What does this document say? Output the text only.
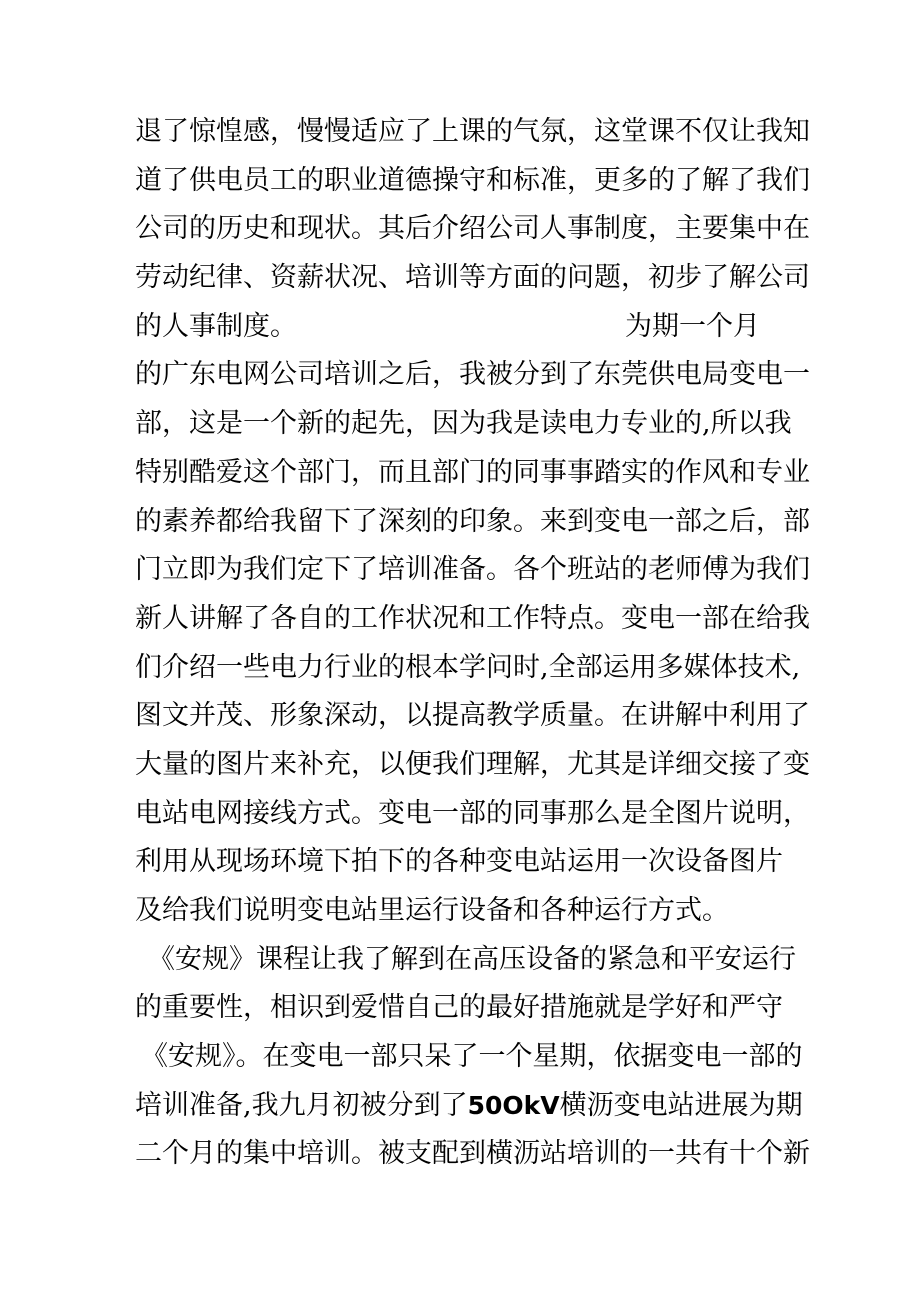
退了惊惶感，慢慢适应了上课的气氛，这堂课不仅让我知
道了供电员工的职业道德操守和标准，更多的了解了我们
公司的历史和现状。其后介绍公司人事制度，主要集中在
劳动纪律、资薪状况、培训等方面的问题，初步了解公司
的人事制度。	为期一个月
的广东电网公司培训之后，我被分到了东莞供电局变电一
部，这是一个新的起先，因为我是读电力专业的,所以我
特别酷爱这个部门，而且部门的同事事踏实的作风和专业
的素养都给我留下了深刻的印象。来到变电一部之后，部
门立即为我们定下了培训准备。各个班站的老师傅为我们
新人讲解了各自的工作状况和工作特点。变电一部在给我
们介绍一些电力行业的根本学问时,全部运用多媒体技术,
图文并茂、形象深动，以提高教学质量。在讲解中利用了
大量的图片来补充，以便我们理解，尤其是详细交接了变
电站电网接线方式。变电一部的同事那么是全图片说明，
利用从现场环境下拍下的各种变电站运用一次设备图片
及给我们说明变电站里运行设备和各种运行方式。
《安规》课程让我了解到在高压设备的紧急和平安运行
的重要性，相识到爱惜自己的最好措施就是学好和严守
《安规》。在变电一部只呆了一个星期，依据变电一部的
培训准备,我九月初被分到了50OkV横沥变电站进展为期
二个月的集中培训。被支配到横沥站培训的一共有十个新
